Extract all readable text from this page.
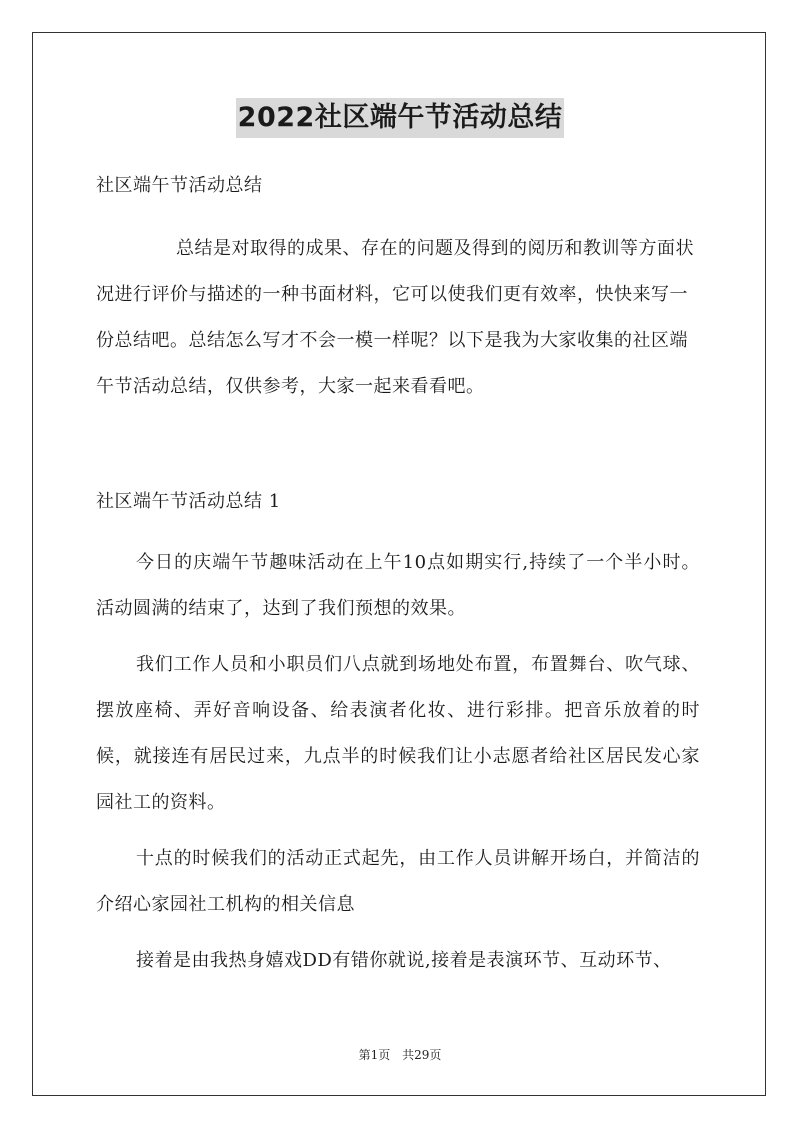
2022社区端午节活动总结
社区端午节活动总结
总结是对取得的成果、存在的问题及得到的阅历和教训等方面状况进行评价与描述的一种书面材料，它可以使我们更有效率，快快来写一份总结吧。总结怎么写才不会一模一样呢？以下是我为大家收集的社区端午节活动总结，仅供参考，大家一起来看看吧。
社区端午节活动总结 1

今日的庆端午节趣味活动在上午10点如期实行,持续了一个半小时。活动圆满的结束了，达到了我们预想的效果。

我们工作人员和小职员们八点就到场地处布置，布置舞台、吹气球、摆放座椅、弄好音响设备、给表演者化妆、进行彩排。把音乐放着的时候，就接连有居民过来，九点半的时候我们让小志愿者给社区居民发心家园社工的资料。

十点的时候我们的活动正式起先，由工作人员讲解开场白，并简洁的介绍心家园社工机构的相关信息

接着是由我热身嬉戏DD有错你就说,接着是表演环节、互动环节、

第1页 共29页
